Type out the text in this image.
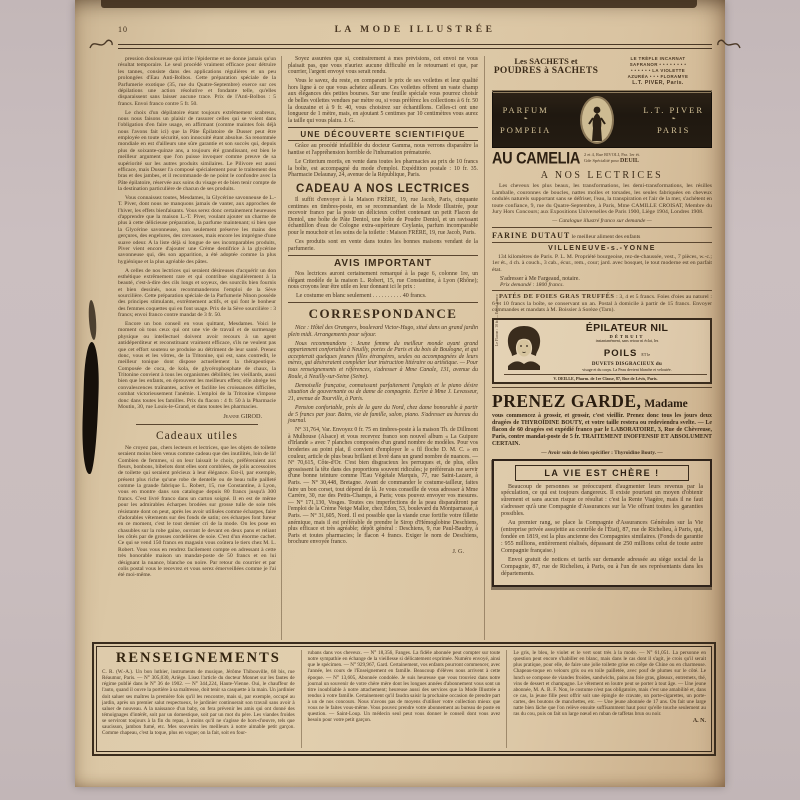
10	LA MODE ILLUSTRÉE

pression douloureuse qui irrite l'épiderme et ne donne jamais qu'un résultat temporaire. Le seul procédé vraiment efficace pour détruire les tannes, consiste dans des applications régulières et un peu prolongées d'Eau Anti-Bolbos. Cette préparation spéciale de la Parfumerie exotique (35, rue du Quatre-Septembre) exerce sur ces dépilations une action résolutive et fondante telle, qu'elles disparaissent sans laisser aucune trace. Prix de l'Anti-Bolbos : 5 francs. Envoi franco contre 5 fr. 50.

Le choix d'un dépilatoire étant toujours extrêmement scabreux, nous nous faisons un plaisir de rassurer celles qui se voient dans l'obligation d'en faire usage, en affirmant (comme maintes fois déjà nous l'avons fait ici) que la Pâte Épilatoire de Dusser peut être employée en toute sécurité, son innocuité étant absolue. Sa renommée mondiale en est d'ailleurs une sûre garantie et son succès qui, depuis plus de soixante-quinze ans, a toujours été grandissant, est bien le meilleur argument que l'on puisse invoquer comme preuve de sa supériorité sur les autres produits similaires. Le Pilivore est aussi efficace, mais Dusser l'a composé spécialement pour le traitement des bras et des jambes, et il recommande de ne point le confondre avec la Pâte épilatoire, réservée aux soins du visage et de bien tenir compte de la destination particulière de chacun de ses produits.

Vous connaissez toutes, Mesdames, la Glycérine savonneuse de L.-T. Piver, dont nous ne manquons jamais de vanter, aux approches de l'hiver, les effets bienfaisants. Vous serez donc certainement heureuses d'apprendre que la maison L.-T. Piver, voulant ajouter un charme de plus à cette délicieuse préparation, la parfume maintenant; si bien que la Glycérine savonneuse, non seulement préserve les mains des gerçures, des engelures, des crevasses, mais encore les imprègne d'une suave odeur. A la liste déjà si longue de ses incomparables produits, Piver vient encore d'ajouter une Crème dentifrice à la glycérine savonneuse qui, dès son apparition, a été adoptée comme la plus hygiénique et la plus agréable des pâtes.

A celles de nos lectrices qui seraient désireuses d'acquérir un don esthétique extrêmement rare et qui contribue singulièrement à la beauté, c'est-à-dire des cils longs et soyeux, des sourcils bien fournis et bien dessinés, nous recommanderons l'emploi de la Sève sourcilière. Cette préparation spéciale de la Parfumerie Ninon possède des principes stimulants, extrêmement actifs, et qui font le bonheur des femmes coquettes qui en font usage. Prix de la Sève sourcilière : 3 francs; envoi franco contre mandat de 3 fr. 50.

Encore un bon conseil en vous quittant, Mesdames. Voici le moment où tous ceux qui ont une vie de travail et de surmenage physique ou intellectuel doivent avoir recours à un agent antidéperditeur et reconstituant vraiment efficace, s'ils ne veulent pas que cet effort soutenu se produise au détriment de leur santé. Prenez donc, vous et les vôtres, de la Tritonine, qui est, sans contredit, le meilleur tonique dont dispose actuellement la thérapeutique. Composée de coca, de kola, de glycérophosphate de chaux, la Tritonine convient à tous les organismes débilités; les vieillards, aussi bien que les enfants, en éprouvent les meilleurs effets; elle abrège les convalescences traînantes, active et facilite les croissances difficiles, combat victorieusement l'anémie. L'emploi de la Tritonine s'impose donc dans toutes les familles. Prix du flacon : 4 fr. 50 à la Pharmacie Moutin, 30, rue Louis-le-Grand, et dans toutes les pharmacies.

Jeanne GIROD.
Cadeaux utiles

Ne croyez pas, chers lecteurs et lectrices, que les objets de toilette seraient moins bien venus comme cadeau que des inutilités, loin de là! Combien de femmes, si on leur laissait le choix, préféreraient aux fleurs, bonbons, bibelots dont elles sont comblées, de jolis accessoires de toilette qui seraient précieux à leur élégance. Est-il, par exemple, présent plus riche qu'une robe de dentelle ou de beau tulle pailleté comme la grande fabrique L. Robert, 15, rue Constantine, à Lyon, vous en montre dans son catalogue depuis 80 francs jusqu'à 300 francs. C'est livré franco dans un carton soigné. Il en est de même pour les admirables écharpes brodées sur grosse tulle de soie très résistante dont on peut, après les avoir utilisées comme écharpes, faire d'adorables vêtements sur des fonds de satin; ces écharpes font fureur en ce moment, c'est le tout dernier cri de la mode. On les pose en chasubles sur la robe gaine, ouvrant le devant en deux pans et reliant les côtés par de grosses cordelières de soie. C'est d'un énorme cachet. Ce qui se vend 150 francs en magasin vous coûtera le tiers chez M. L. Robert. Vous vous en rendrez facilement compte en adressant à cette très honorable maison un mandat-poste de 50 francs et en lui désignant la nuance, blanche ou noire. Par retour du courrier et par colis postal vous le recevrez et vous serez émerveillées comme je l'ai été moi-même.

Soyez assurées que si, contrairement à mes prévisions, cet envoi ne vous plaisait pas, que vous n'auriez aucune difficulté en le retournant et que, par courrier, l'argent envoyé vous serait rendu.

Vous le savez, du reste, en comparant le prix de ses voilettes et leur qualité hors ligne à ce que vous achetez ailleurs. Ces voilettes offrent un vaste champ aux élégances des petites bourses. Sur une feuille spéciale vous pourrez choisir de belles voilettes vendues par mètre ou, si vous préférez les collections à 6 fr. 50 la douzaine et à 9 fr. 40, vous choisirez sur échantillons. Celles-ci ont une longueur de 1 mètre, mais, en ajoutant 5 centimes par 10 centimètres vous aurez la taille qui vous plaira. J. G.

UNE DÉCOUVERTE SCIENTIFIQUE

Grâce au procédé infaillible du docteur Gamma, nous verrons disparaître la hantise et l'appréhension horrible de l'inhumation prématurée.

Le Criterium mortis, en vente dans toutes les pharmacies au prix de 10 francs la boîte, est accompagné du mode d'emploi. Expédition postale : 10 fr. 35. Pharmacie Delaunay, 24, avenue de la République, Paris.

CADEAU A NOS LECTRICES

Il suffit d'envoyer à la Maison FRÈRE, 19, rue Jacob, Paris, cinquante centimes en timbres-poste, en se recommandant de la Mode Illustrée, pour recevoir franco par la poste un délicieux coffret contenant un petit Flacon de Dentol, une boîte de Pâte Dentol, une boîte de Poudre Dentol, et un ravissant échantillon d'eau de Cologne extra-supérieure Ceylania, parfum incomparable pour le mouchoir et les soins de la toilette : Maison FRÈRE, 19, rue Jacob, Paris.

Ces produits sont en vente dans toutes les bonnes maisons vendant de la parfumerie.

AVIS IMPORTANT

Nos lectrices auront certainement remarqué à la page 6, colonne 1re, un élégant modèle de la maison L. Robert, 15, rue Constantine, à Lyon (Rhône); nous croyons leur être utile en leur donnant ici le prix :

Le costume en blanc seulement . . . . . . . . . . 40 francs.
CORRESPONDANCE

Nice : Hôtel des Orangers, boulevard Victor-Hugo, situé dans un grand jardin plein midi. Arrangements pour séjour.

Nous recommandons : Jeune femme du meilleur monde ayant grand appartement confortable à Neuilly, portes de Paris et du bois de Boulogne, et qui accepterait quelques jeunes filles étrangères, seules ou accompagnées de leurs mères, qui désireraient compléter leur instruction littéraire ou artistique. — Pour tous renseignements et références, s'adresser à Mme Canale, 131, avenue du Roule, à Neuilly-sur-Seine (Seine).

Demoiselle française, connaissant parfaitement l'anglais et le piano désire situation de gouvernante ou de dame de compagnie. Écrire à Mme J. Levasseur, 21, avenue de Tourville, à Paris.

Pension confortable, près de la gare du Nord, chez dame honorable à partir de 5 francs par jour. Bains, vie de famille, salon, piano. S'adresser au bureau du journal.

N° 31,764, Var. Envoyez 0 fr. 75 en timbres-poste à la maison Th. de Dillmont à Mulhouse (Alsace) et vous recevrez franco son nouvel album « La Guipure d'Irlande » avec 7 planches composées d'un grand nombre de modèles. Pour vos broderies au point plat, il convient d'employer le « fil floche D. M. C. » en couleur, article de plus beau brillant et livré dans un grand nombre de nuances. — N° 70,615, Côte-d'Or. C'est bien disgracieux les perruques et, de plus, elles grossissent la tête dans des proportions souvent ridicules; je préférerais me servir d'une bonne teinture comme l'Eau Végétale Marquis, 77, rue Saint-Lazare, à Paris. — N° 30,448, Bretagne. Avant de commander le costume-tailleur, faites faire un bon corset, tout dépend de là. Je vous conseille de vous adresser à Mme Carrère, 30, rue des Petits-Champs, à Paris; vous pouvez envoyer vos mesures. — N° 171,130, Vosges. Toutes ces imperfections de la peau disparaîtront par l'emploi de la Crème Neige Mallor, chez Edon, 53, boulevard du Montparnasse, à Paris. — N° 31,605, Nord. Il est possible que la viande crue fortifie votre fillette anémique, mais il est préférable de prendre le Sirop d'Hémoglobine Deschiens, plus efficace et très agréable; dépôt général : Deschiens, 9, rue Paul-Baudry, à Paris et toutes pharmacies; le flacon 4 francs. Exiger le nom de Deschiens, brochure envoyée franco.

J. G.
Les SACHETS et
POUDRES à SACHETS
LE TRÈFLE INCARNAT
SAFRANOR • • • • • • • •
• • • • • • LA VIOLETTE
AZURÉA • • • FLORAMYE
L.T. PIVER, Paris.
PARFUM
❧
POMPEIA
L.T. PIVER
❧
PARIS
AU CAMELIA 2 et 4, Rue RIVOLI, Par. 1er ét.
Gde Spécialité pour DEUIL
A NOS LECTRICES

Les cheveux les plus beaux, les transformations, les demi-transformations, les résilles Lamballe, couronnes de boucles, nattes molles et torsades, les seules fabriquées en cheveux ondulés naturels supportant sans se défriser, l'eau, la transpiration et l'air de la mer, s'achètent en toute confiance, 9, rue du Quatre-Septembre, à Paris, Mme CAMILLE CROISAT, Membre du Jury Hors Concours; aux Expositions Universelles de Paris 1900, Liège 1904, Londres 1908.

— Catalogue illustré franco sur demande —
FARINE DUTAUT le meilleur aliment des enfants
VILLENEUVE-s.-YONNE

134 kilomètres de Paris. P. L. M. Propriété bourgeoise, rez-de-chaussée, vest., 7 pièces, w.-c.; 1er ét., 4 ch. à couch., 3 cab., écur., rem., cour; jard. avec bosquet, le tout moderne est en parfait état.

S'adresser à Me Fargeaud, notaire.
Prix demandé : 1800 francs.

PATÉS DE FOIES GRAS TRUFFÉS : 3, 4 et 5 francs. Foies d'oies au naturel : 6 et 10 francs la boîte, se conservant un an. Postal à domicile à partir de 15 francs. Envoyer commandes et mandats à M. Boissier à Sorèze (Tarn).

Le Flacon : 10 fr. — Envoi franco	ÉPILATEUR NIL
DÉTRUIT
instantanément, sans retour ni éclat, les
POILS ET le
DUVETS DISGRACIEUX du
visage et du corps. La Peau devient blanche et veloutée.
V. DEILLE, Pharm. de 1re Classe, 87, Rue de Lévis, Paris.
PRENEZ GARDE, Madame
vous commencez à grossir, et grossir, c'est vieillir. Prenez donc tous les jours deux dragées de THYROÏDINE BOUTY, et votre taille restera ou redeviendra svelte. — Le flacon de 60 dragées est expédié franco par le LABORATOIRE, 3, Rue de Chèvreuse, Paris, contre mandat-poste de 5 fr. TRAITEMENT INOFFENSIF ET ABSOLUMENT CERTAIN.
— Avoir soin de bien spécifier : Thyroïdine Bouty. —
LA VIE EST CHÈRE !

Beaucoup de personnes se préoccupent d'augmenter leurs revenus par la spéculation, ce qui est toujours dangereux. Il existe pourtant un moyen d'obtenir sûrement et sans aucun risque ce résultat : c'est la Rente Viagère, mais il ne faut s'adresser qu'à une Compagnie d'Assurances sur la Vie offrant toutes les garanties possibles.

Au premier rang, se place la Compagnie d'Assurances Générales sur la Vie (entreprise privée assujettie au contrôle de l'État), 87, rue de Richelieu, à Paris, qui, fondée en 1819, est la plus ancienne des Compagnies similaires. (Fonds de garantie : 955 millions, entièrement réalisés, dépassant de 250 millions celui de toute autre Compagnie française.)

Envoi gratuit de notices et tarifs sur demande adressée au siège social de la Compagnie, 87, rue de Richelieu, à Paris, ou à l'un de ses représentants dans les départements.

RENSEIGNEMENTS
C. R. (W.-A.). Un bon luthier, instruments de musique, Jérôme Thibouville, 68 bis, rue Réaumur, Paris. — N° 305,030, Ariège. Lisez l'article du docteur Monnet sur les fautes de régime publié dans le N° 36 de 1902. — N° 344,224, Haute-Vienne. Oui, le chauffeur de l'auto, quand il ouvre la portière à sa maîtresse, doit tenir sa casquette à la main. Un jardinier doit saluer ses maîtres la première fois qu'il les rencontre, mais si, par exemple, occupé au jardin, après un premier salut respectueux, le jardinier continuerait son travail sans avoir à saluer de nouveau. A la naissance d'un baby, on fera prévenir les amis qui ont donné des témoignages d'intérêt, soit par un domestique, soit par un mot du père. Les viandes froides se serviront toujours à la fin du repas, à moins qu'il ne s'agisse de hors-d'œuvre, tels que saucisson, jambon fumé, etc. Mes souvenirs les meilleurs à notre aimable petit garçon. Comme chapeau, c'est la toque, plus en vogue; on la fait, soit en four-
rubans dans vos cheveux. — N° 18,356, Fanges. La fidèle abonnée peut compter sur toute notre sympathie en échange de la vieillesse si délicatement exprimée. Numéro envoyé, ainsi que le spécimen. — N° 929,967, Gard. Certainement, vos enfants pourront commencer, avec l'année, les cours de l'Enseignement en famille. Beaucoup d'élèves nous arrivent à cette époque. — N° 13,605, Abonnée condolée. Je suis heureuse que vous trouviez dans notre journal un souvenir de votre chère mère dont les longues années d'abonnement vous sont un titre inoubliable à notre attachement; heureuse aussi des services que la Mode Illustrée a rendus à votre famille. Certainement qu'il faudra saisir la prochaine occasion de prendre part à un de nos concours. Nous n'avons pas de moyens d'utiliser votre collection mieux que vous ne le faites vous-même. Vous pouvez prendre votre abonnement au bureau de poste en question. — Saint-Loup. Un médecin seul peut vous donner le conseil dont vous avez besoin pour votre petit garçon.
Le gris, le bleu, le violet et le vert sont très à la mode. — N° 61,051. La personne en question peut encore s'habiller en blanc, mais dans le cas dont il s'agit, je crois qu'il serait plus pratique, pour elle, de faire une jolie toilette grise en crêpe de Chine ou en charmeuse. Chapeau-toque en velours gris ou en toile pailletée, avec pouf de plumes sur le côté. Le lunch se compose de viandes froides, sandwichs, pains au foie gras, gâteaux, entremets, thé, vins de dessert et champagne. Le vêtement en loutre peut se porter à tout âge. — Une jeune abonnée, M. A. B. F. Non, le costume n'est pas obligatoire, mais c'est une amabilité et, dans ce cas, la jeune fille peut offrir soit une épingle de cravate, un porte-cigarettes, un porte-cartes, des boutons de manchettes, etc. — Une jeune abonnée de 17 ans. On fait une large natte bien lâche que l'on relève ensuite suffisamment haut pour qu'elle touche seulement au ras du cou, puis on fait un large nœud en ruban de taffetas brun ou noir.
A. N.
